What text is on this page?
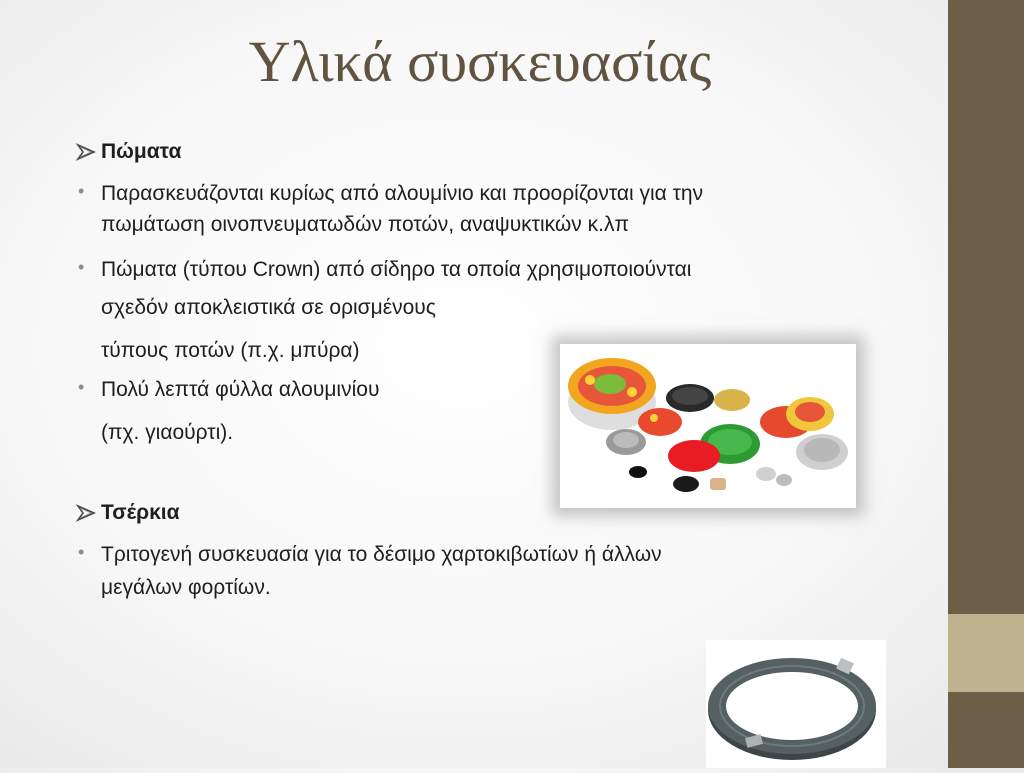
Υλικά συσκευασίας
Πώματα
• Παρασκευάζονται κυρίως από αλουμίνιο και προορίζονται για την
πωμάτωση οινοπνευματωδών ποτών, αναψυκτικών κ.λπ
• Πώματα (τύπου Crown) από σίδηρο τα οποία χρησιμοποιούνται
σχεδόν αποκλειστικά σε ορισμένους
τύπους ποτών (π.χ. μπύρα)
• Πολύ λεπτά φύλλα αλουμινίου
(πχ. γιαούρτι).
Τσέρκια
• Τριτογενή συσκευασία για το δέσιμο χαρτοκιβωτίων ή άλλων
μεγάλων φορτίων.
